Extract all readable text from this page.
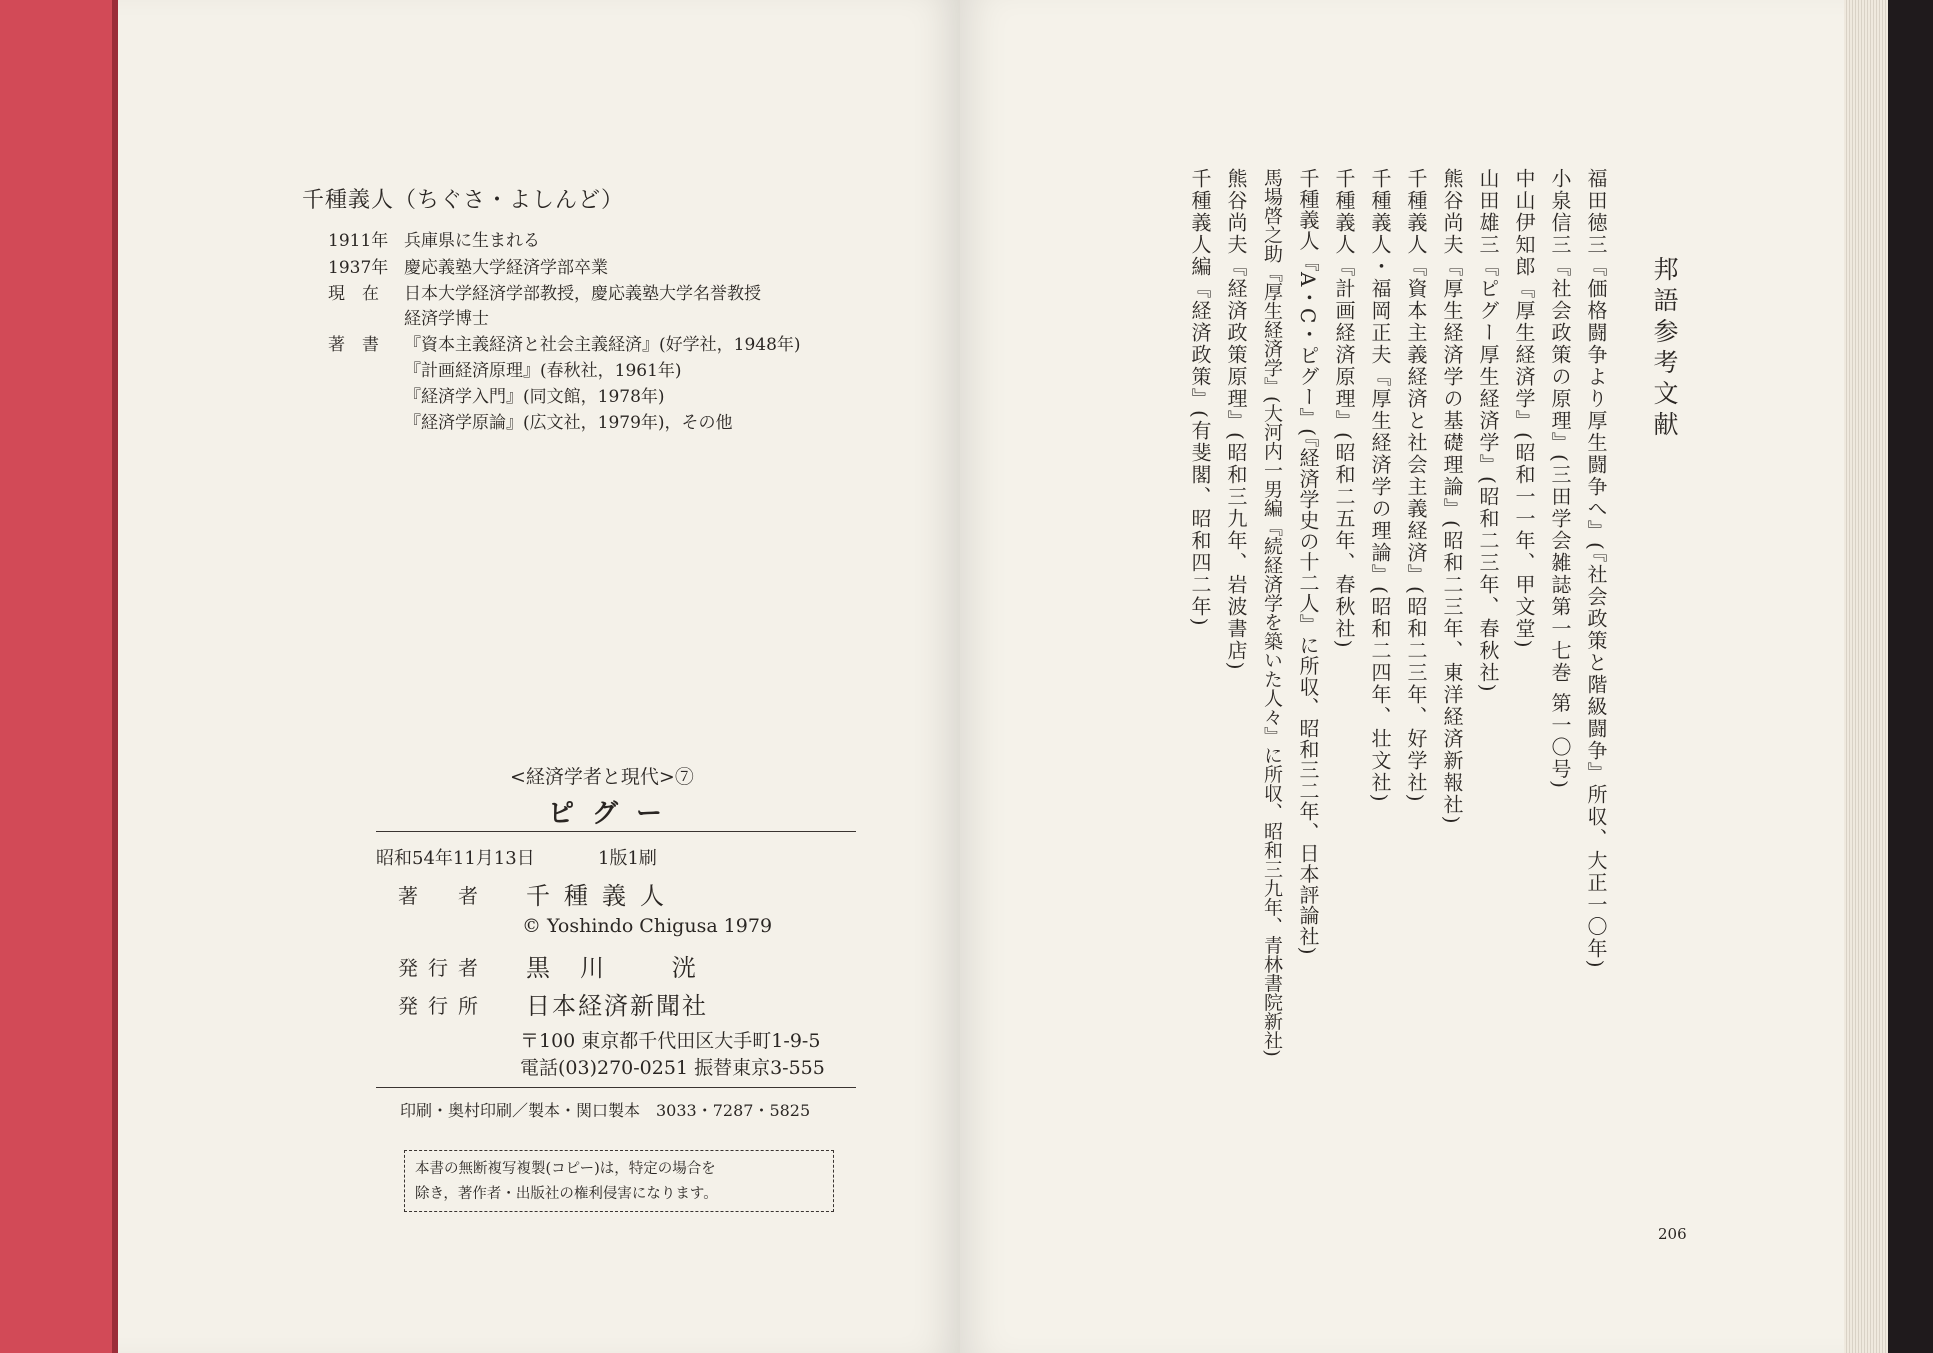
千種義人（ちぐさ・よしんど）
1911年 兵庫県に生まれる
1937年 慶応義塾大学経済学部卒業
現　在 日本大学経済学部教授，慶応義塾大学名誉教授
経済学博士
著　書 『資本主義経済と社会主義経済』(好学社，1948年)
『計画経済原理』(春秋社，1961年)
『経済学入門』(同文館，1978年)
『経済学原論』(広文社，1979年)，その他
<経済学者と現代>⑦
ピグー
昭和54年11月13日	1版1刷
著　者 千種義人
© Yoshindo Chigusa 1979
発行者 黒川 洸
発行所 日本経済新聞社
〒100 東京都千代田区大手町1-9-5
電話(03)270-0251 振替東京3-555
印刷・奥村印刷／製本・関口製本　3033・7287・5825
本書の無断複写複製(コピー)は，特定の場合を
除き，著作者・出版社の権利侵害になります。
邦語参考文献
福田徳三『価格闘争より厚生闘争へ』(『社会政策と階級闘争』所収、大正一〇年)
小泉信三『社会政策の原理』(三田学会雑誌第一七巻 第一〇号)
中山伊知郎『厚生経済学』(昭和一一年、甲文堂)
山田雄三『ピグー厚生経済学』(昭和二三年、春秋社)
熊谷尚夫『厚生経済学の基礎理論』(昭和二三年、東洋経済新報社)
千種義人『資本主義経済と社会主義経済』(昭和二三年、好学社)
千種義人・福岡正夫『厚生経済学の理論』(昭和二四年、壮文社)
千種義人『計画経済原理』(昭和二五年、春秋社)
千種義人『A・C・ピグー』(『経済学史の十二人』に所収、昭和三二年、日本評論社)
馬場啓之助『厚生経済学』(大河内一男編『続経済学を築いた人々』に所収、昭和三九年、青林書院新社)
熊谷尚夫『経済政策原理』(昭和三九年、岩波書店)
千種義人編『経済政策』(有斐閣、昭和四二年)
206
